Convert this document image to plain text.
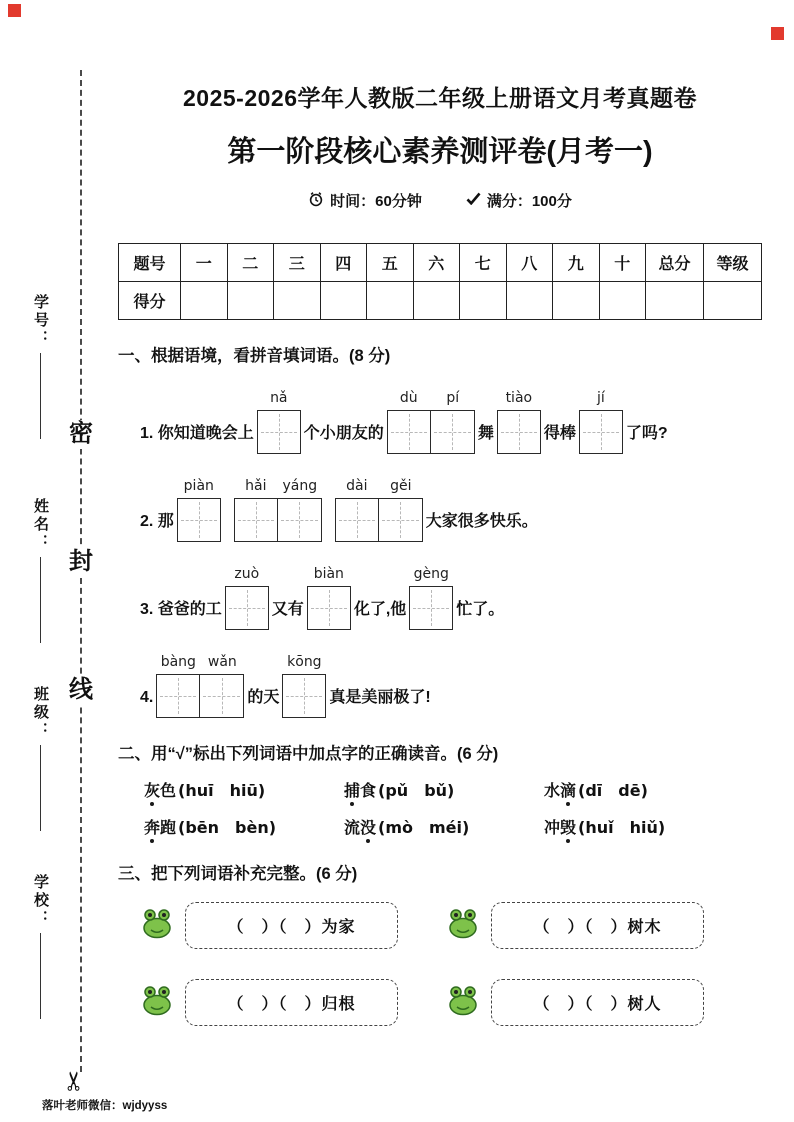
✂
密
封
线
学号：
姓名：
班级：
学校：
落叶老师微信：wjdyyss
2025-2026学年人教版二年级上册语文月考真题卷
第一阶段核心素养测评卷(月考一)
时间：60分钟	满分：100分
题号	一	二	三	四	五	六	七	八	九	十	总分	等级
得分												
一、根据语境，看拼音填词语。(8 分)
1. 你知道晚会上
nǎ
个小朋友的
dù	pí
舞
tiào
得棒
jí
了吗?
2. 那
piàn	hǎi	yáng	dài	gěi
大家很多快乐。
3. 爸爸的工
zuò
又有
biàn
化了,他
gèng
忙了。
4.
bàng wǎn
的天
kōng
真是美丽极了!
二、用“√”标出下列词语中加点字的正确读音。(6 分)
灰色 (huī　hiū)	捕食 (pǔ　bǔ)	水滴 (dī　dē)
奔跑 (bēn　bèn)	流没 (mò　méi)	冲毁 (huǐ　hiǔ)
三、把下列词语补充完整。(6 分)
（　）（　）为家	（　）（　）树木
（　）（　）归根	（　）（　）树人
